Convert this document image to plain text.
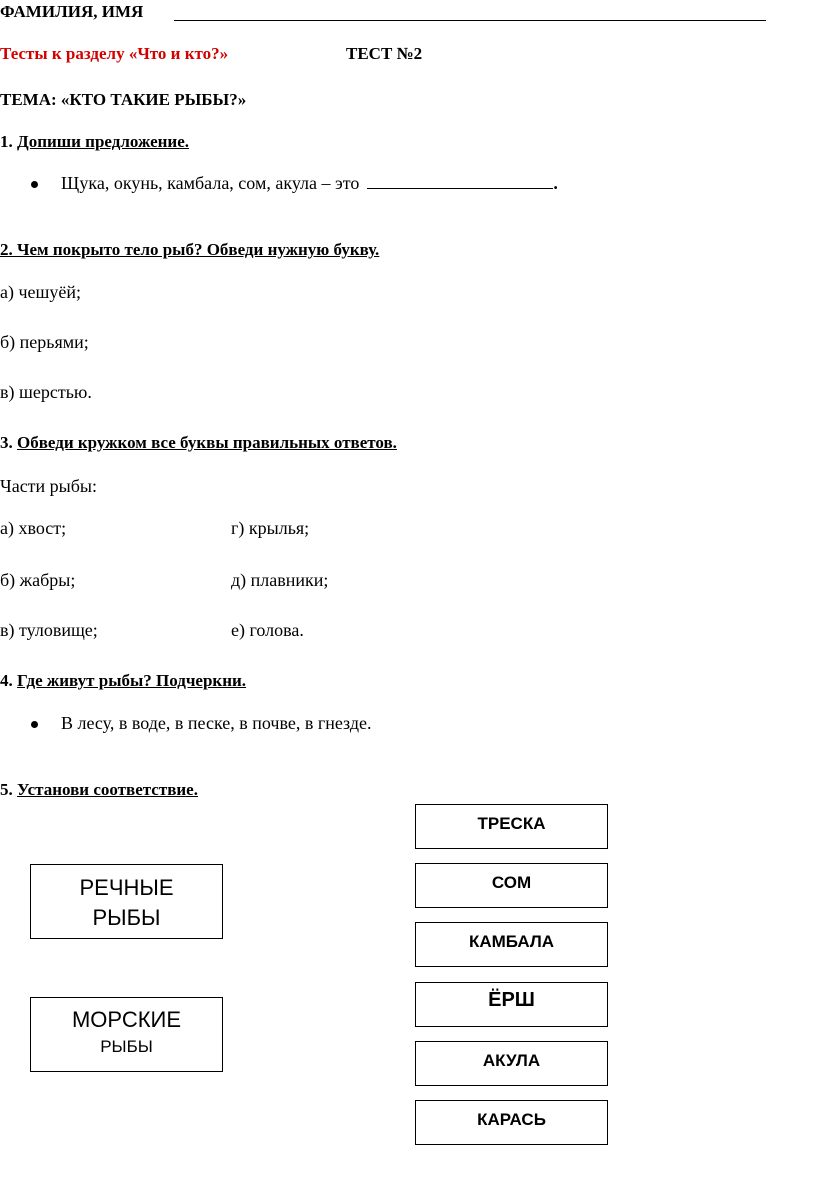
ФАМИЛИЯ, ИМЯ
Тесты к разделу «Что и кто?»	ТЕСТ №2
ТЕМА: «КТО ТАКИЕ РЫБЫ?»
1. Допиши предложение.
Щука, окунь, камбала, сом, акула – это	.
2. Чем покрыто тело рыб? Обведи нужную букву.
а) чешуёй;
б) перьями;
в) шерстью.
3. Обведи кружком все буквы правильных ответов.
Части рыбы:
а) хвост;
б) жабры;
в) туловище;
г) крылья;
д) плавники;
е) голова.
4. Где живут рыбы? Подчеркни.
В лесу, в воде, в песке, в почве, в гнезде.
5. Установи соответствие.
РЕЧНЫЕ
РЫБЫ
МОРСКИЕ
РЫБЫ
ТРЕСКА
СОМ
КАМБАЛА
ЁРШ
АКУЛА
КАРАСЬ
